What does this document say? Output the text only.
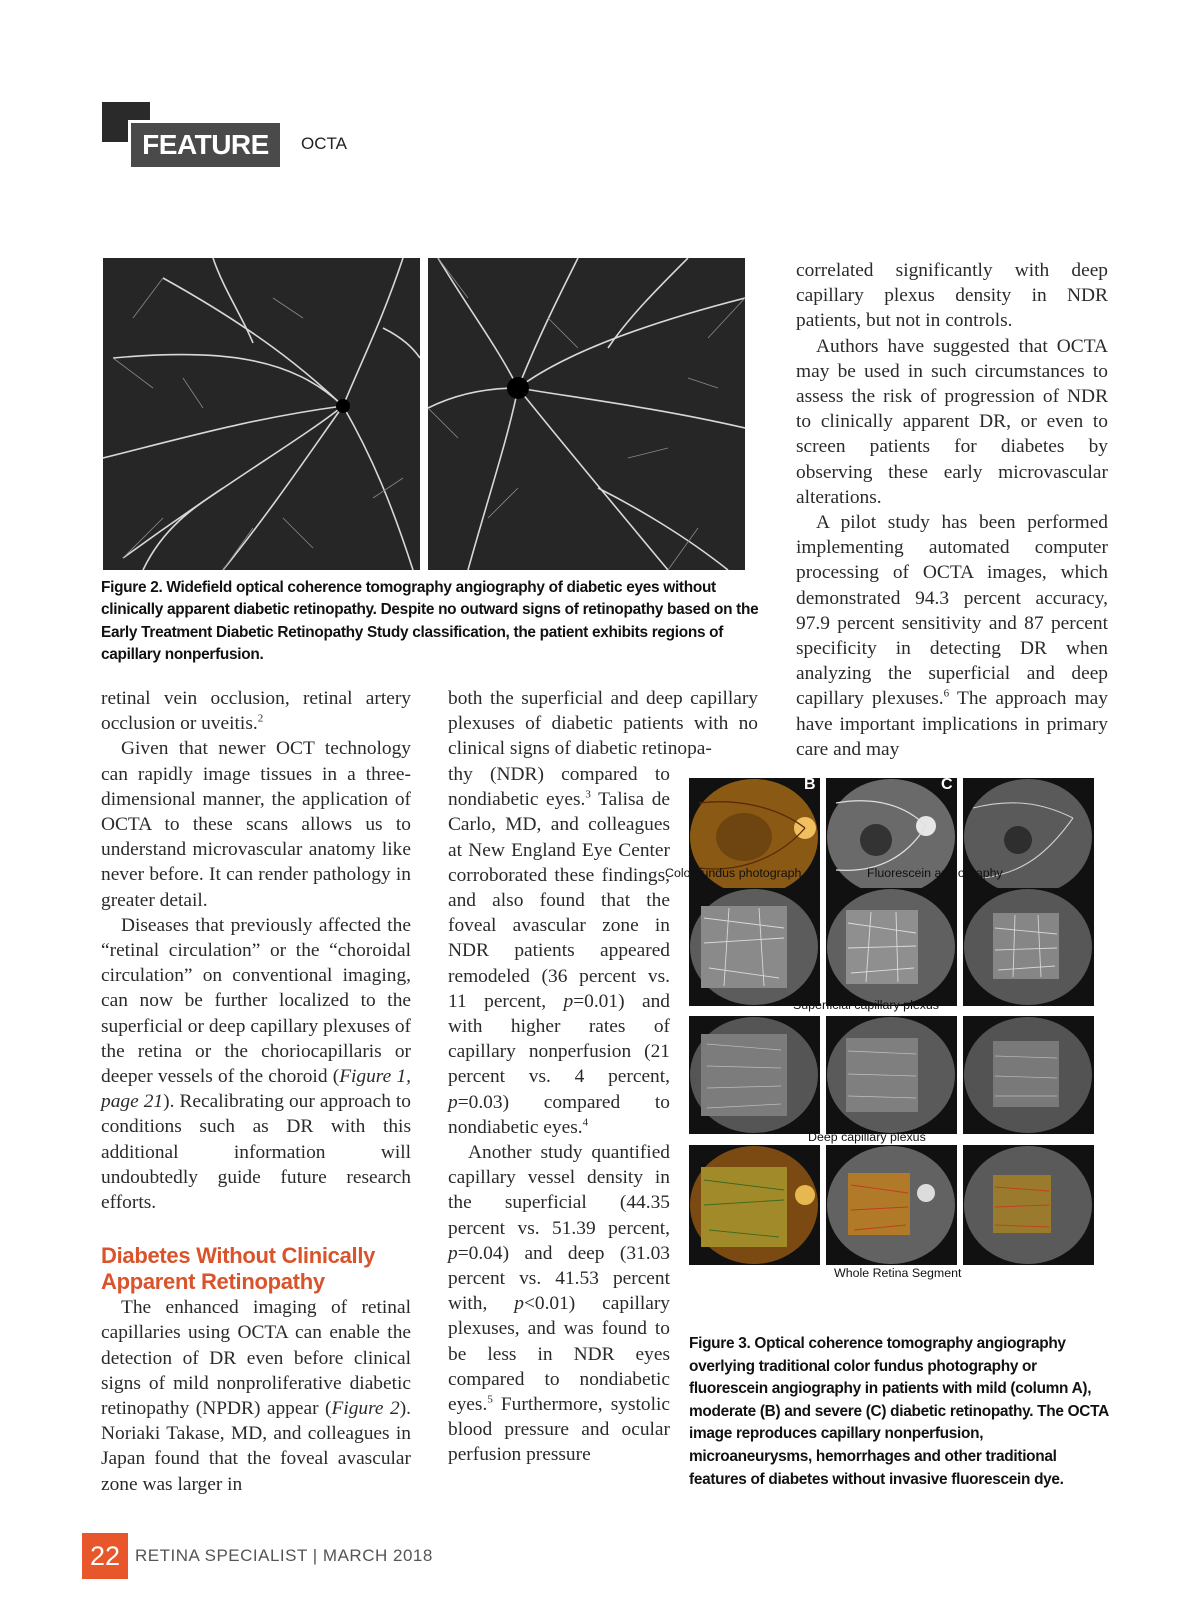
FEATURE	OCTA
Figure 2. Widefield optical coherence tomography angiography of diabetic eyes without clinically apparent diabetic retinopathy. Despite no outward signs of retinopathy based on the Early Treatment Diabetic Retinopathy Study classification, the patient exhibits regions of capillary nonperfusion.

retinal vein occlusion, retinal artery occlusion or uveitis.$^2$

Given that newer OCT technology can rapidly image tissues in a three-dimensional manner, the application of OCTA to these scans allows us to understand microvascular anatomy like never before. It can render pathology in greater detail.

Diseases that previously affected the “retinal circulation” or the “choroidal circulation” on conventional imaging, can now be further localized to the superficial or deep capillary plexuses of the retina or the choriocapillaris or deeper vessels of the choroid (Figure 1, page 21). Recalibrating our approach to conditions such as DR with this additional information will undoubtedly guide future research efforts.

Diabetes Without Clinically Apparent Retinopathy

The enhanced imaging of retinal capillaries using OCTA can enable the detection of DR even before clinical signs of mild nonproliferative diabetic retinopathy (NPDR) appear (Figure 2). Noriaki Takase, MD, and colleagues in Japan found that the foveal avascular zone was larger in

both the superficial and deep capillary plexuses of diabetic patients with no clinical signs of diabetic retinopa-

thy (NDR) compared to nondiabetic eyes.$^3$ Talisa de Carlo, MD, and colleagues at New England Eye Center corroborated these findings, and also found that the foveal avascular zone in NDR patients appeared remodeled (36 percent vs. 11 percent, p=0.01) and with higher rates of capillary nonperfusion (21 percent vs. 4 percent, p=0.03) compared to nondiabetic eyes.$^4$

Another study quantified capillary vessel density in the superficial (44.35 percent vs. 51.39 percent, p=0.04) and deep (31.03 percent vs. 41.53 percent with, p<0.01) capillary plexuses, and was found to be less in NDR eyes compared to nondiabetic eyes.$^5$ Furthermore, systolic blood pressure and ocular perfusion pressure

correlated significantly with deep capillary plexus density in NDR patients, but not in controls.

Authors have suggested that OCTA may be used in such circumstances to assess the risk of progression of NDR to clinically apparent DR, or even to screen patients for diabetes by observing these early microvascular alterations.

A pilot study has been performed implementing automated computer processing of OCTA images, which demonstrated 94.3 percent accuracy, 97.9 percent sensitivity and 87 percent specificity in detecting DR when analyzing the superficial and deep capillary plexuses.$^6$ The approach may have important implications in primary care and may

A	B	C
Color fundus photograph	Fluorescein angiography
Superficial capillary plexus
Deep capillary plexus
Whole Retina Segment
Figure 3. Optical coherence tomography angiography overlying traditional color fundus photography or fluorescein angiography in patients with mild (column A), moderate (B) and severe (C) diabetic retinopathy. The OCTA image reproduces capillary nonperfusion, microaneurysms, hemorrhages and other traditional features of diabetes without invasive fluorescein dye.
22 RETINA SPECIALIST | MARCH 2018
